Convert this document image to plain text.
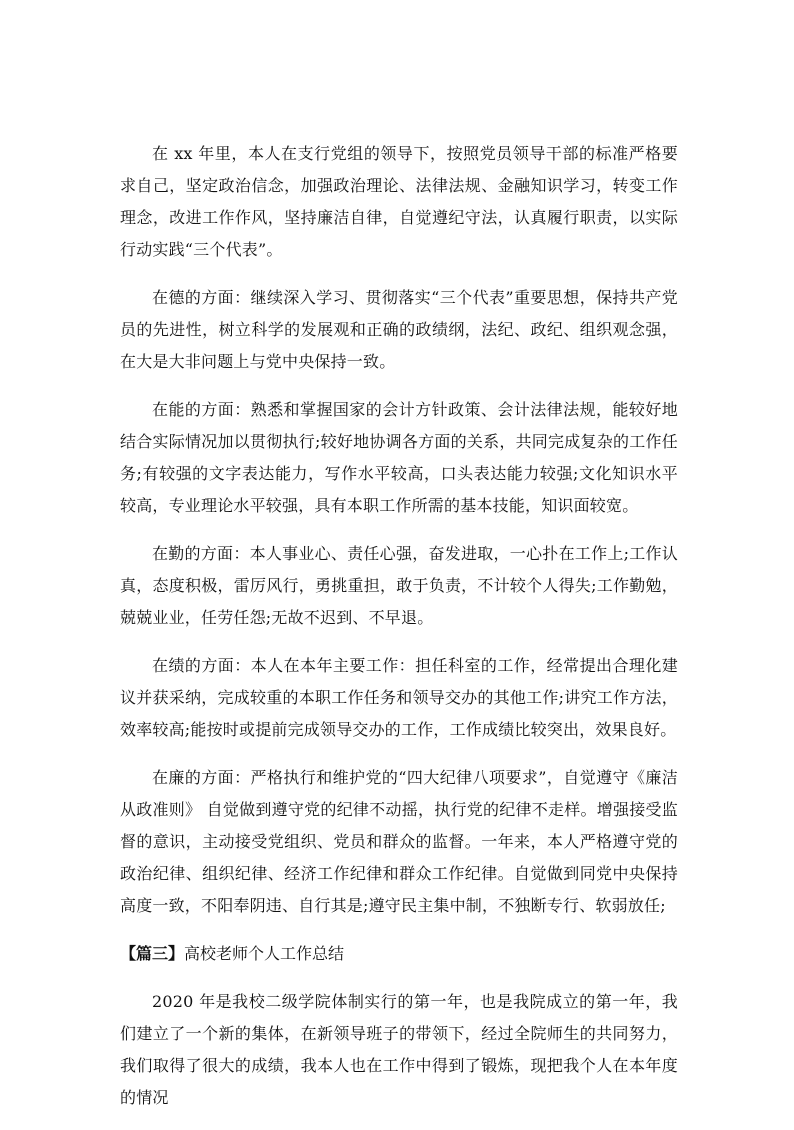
在 xx 年里，本人在支行党组的领导下，按照党员领导干部的标准严格要求自己，坚定政治信念，加强政治理论、法律法规、金融知识学习，转变工作理念，改进工作作风，坚持廉洁自律，自觉遵纪守法，认真履行职责，以实际行动实践“三个代表”。

在德的方面：继续深入学习、贯彻落实“三个代表”重要思想，保持共产党员的先进性，树立科学的发展观和正确的政绩纲，法纪、政纪、组织观念强，在大是大非问题上与党中央保持一致。

在能的方面：熟悉和掌握国家的会计方针政策、会计法律法规，能较好地结合实际情况加以贯彻执行;较好地协调各方面的关系，共同完成复杂的工作任务;有较强的文字表达能力，写作水平较高，口头表达能力较强;文化知识水平较高，专业理论水平较强，具有本职工作所需的基本技能，知识面较宽。

在勤的方面：本人事业心、责任心强，奋发进取，一心扑在工作上;工作认真，态度积极，雷厉风行，勇挑重担，敢于负责，不计较个人得失;工作勤勉，兢兢业业，任劳任怨;无故不迟到、不早退。

在绩的方面：本人在本年主要工作：担任科室的工作，经常提出合理化建议并获采纳，完成较重的本职工作任务和领导交办的其他工作;讲究工作方法，效率较高;能按时或提前完成领导交办的工作，工作成绩比较突出，效果良好。

在廉的方面：严格执行和维护党的“四大纪律八项要求”，自觉遵守《廉洁从政准则》 自觉做到遵守党的纪律不动摇，执行党的纪律不走样。增强接受监督的意识，主动接受党组织、党员和群众的监督。一年来，本人严格遵守党的政治纪律、组织纪律、经济工作纪律和群众工作纪律。自觉做到同党中央保持高度一致，不阳奉阴违、自行其是;遵守民主集中制，不独断专行、软弱放任;

【篇三】高校老师个人工作总结

2020 年是我校二级学院体制实行的第一年，也是我院成立的第一年，我们建立了一个新的集体，在新领导班子的带领下，经过全院师生的共同努力，我们取得了很大的成绩，我本人也在工作中得到了锻炼，现把我个人在本年度的情况
